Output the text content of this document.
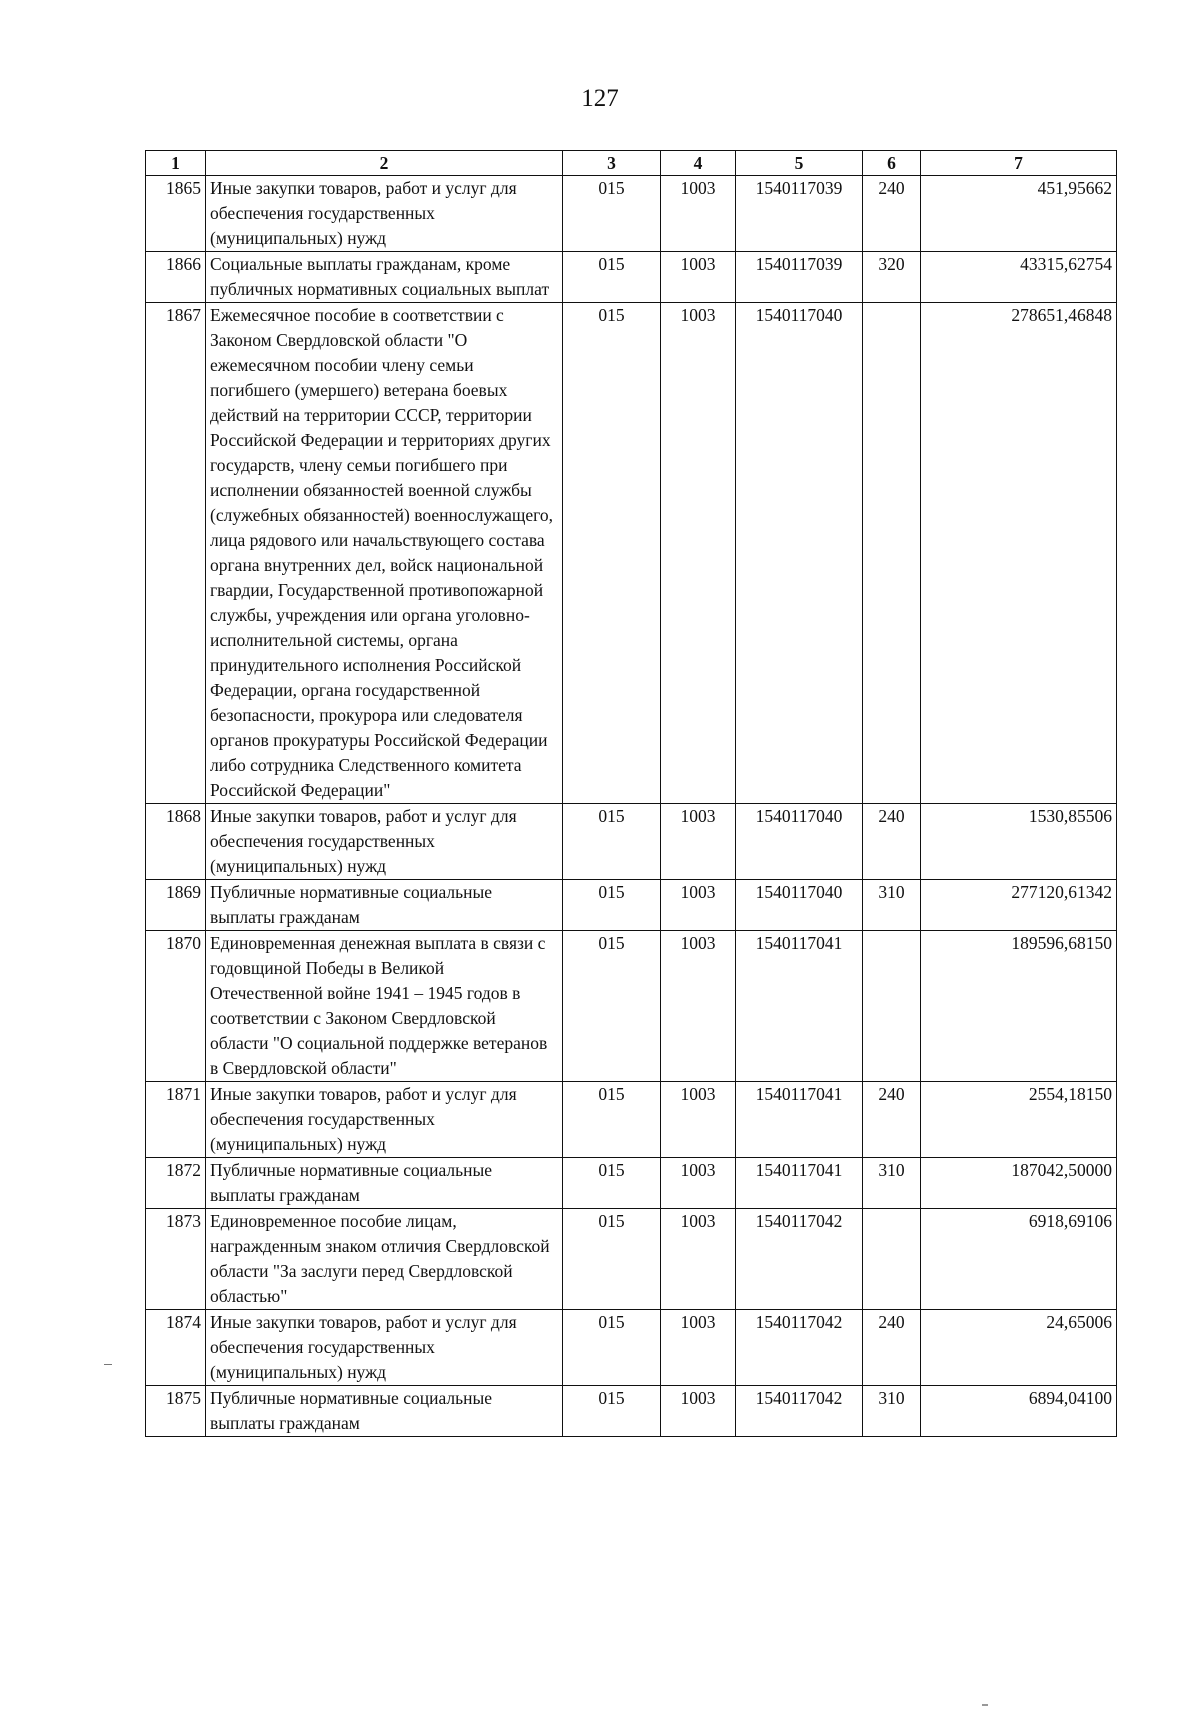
127
1	2	3	4	5	6	7
1865	Иные закупки товаров, работ и услуг для обеспечения государственных (муниципальных) нужд	015	1003	1540117039	240	451,95662
1866	Социальные выплаты гражданам, кроме публичных нормативных социальных выплат	015	1003	1540117039	320	43315,62754
1867	Ежемесячное пособие в соответствии с Законом Свердловской области "О ежемесячном пособии члену семьи погибшего (умершего) ветерана боевых действий на территории СССР, территории Российской Федерации и территориях других государств, члену семьи погибшего при исполнении обязанностей военной службы (служебных обязанностей) военнослужащего, лица рядового или начальствующего состава органа внутренних дел, войск национальной гвардии, Государственной противопожарной службы, учреждения или органа уголовно-исполнительной системы, органа принудительного исполнения Российской Федерации, органа государственной безопасности, прокурора или следователя органов прокуратуры Российской Федерации либо сотрудника Следственного комитета Российской Федерации"	015	1003	1540117040		278651,46848
1868	Иные закупки товаров, работ и услуг для обеспечения государственных (муниципальных) нужд	015	1003	1540117040	240	1530,85506
1869	Публичные нормативные социальные выплаты гражданам	015	1003	1540117040	310	277120,61342
1870	Единовременная денежная выплата в связи с годовщиной Победы в Великой Отечественной войне 1941 – 1945 годов в соответствии с Законом Свердловской области "О социальной поддержке ветеранов в Свердловской области"	015	1003	1540117041		189596,68150
1871	Иные закупки товаров, работ и услуг для обеспечения государственных (муниципальных) нужд	015	1003	1540117041	240	2554,18150
1872	Публичные нормативные социальные выплаты гражданам	015	1003	1540117041	310	187042,50000
1873	Единовременное пособие лицам, награжденным знаком отличия Свердловской области "За заслуги перед Свердловской областью"	015	1003	1540117042		6918,69106
1874	Иные закупки товаров, работ и услуг для обеспечения государственных (муниципальных) нужд	015	1003	1540117042	240	24,65006
1875	Публичные нормативные социальные выплаты гражданам	015	1003	1540117042	310	6894,04100
